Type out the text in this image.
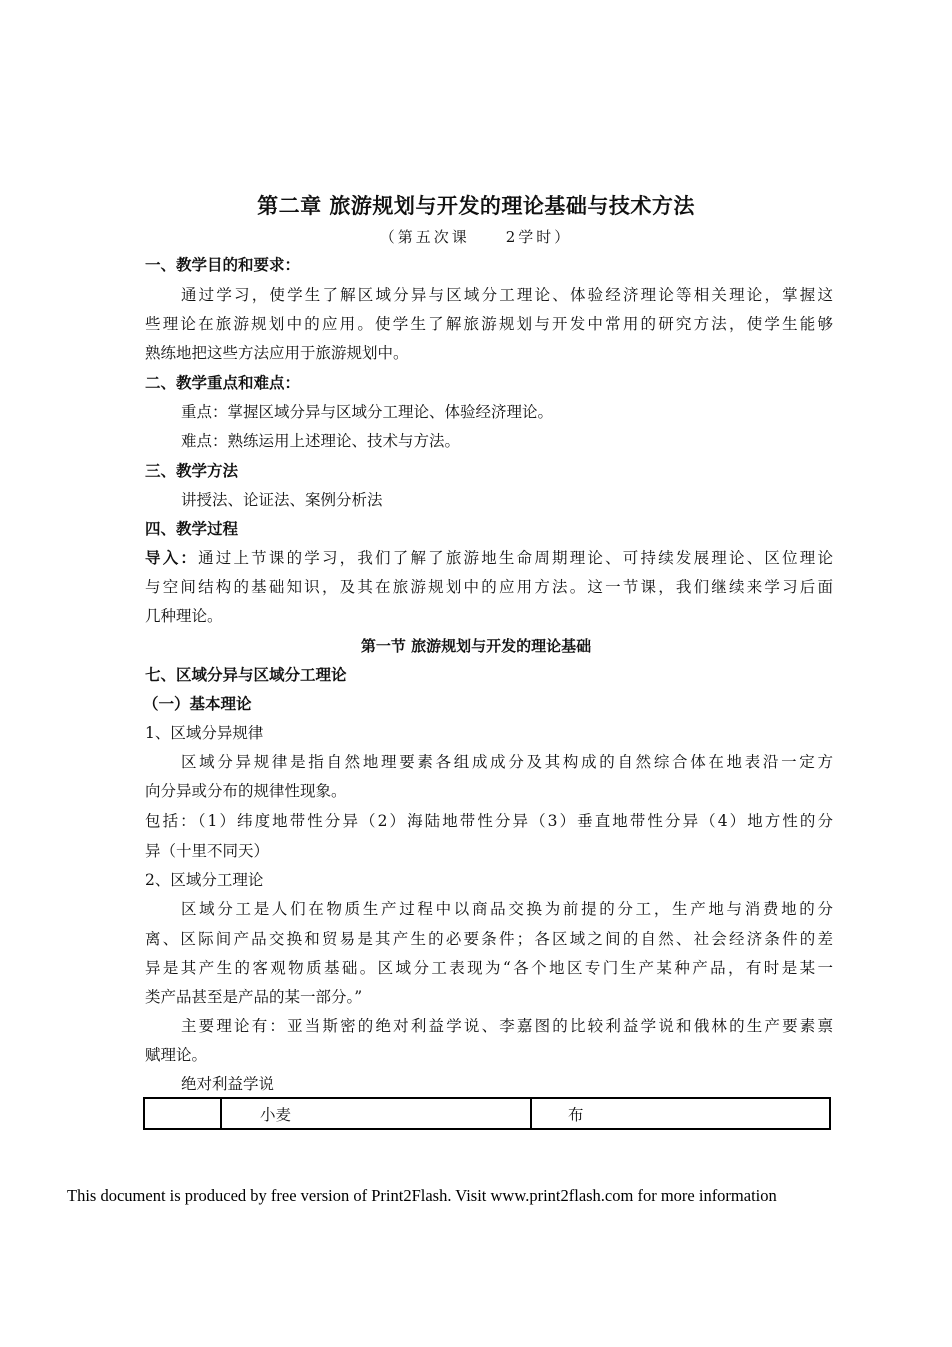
第二章 旅游规划与开发的理论基础与技术方法
（第五次课　　2学时）
一、教学目的和要求：
通过学习，使学生了解区域分异与区域分工理论、体验经济理论等相关理论，掌握这
些理论在旅游规划中的应用。使学生了解旅游规划与开发中常用的研究方法，使学生能够
熟练地把这些方法应用于旅游规划中。
二、教学重点和难点：
重点：掌握区域分异与区域分工理论、体验经济理论。
难点：熟练运用上述理论、技术与方法。
三、教学方法
讲授法、论证法、案例分析法
四、教学过程
导入：通过上节课的学习，我们了解了旅游地生命周期理论、可持续发展理论、区位理论
与空间结构的基础知识，及其在旅游规划中的应用方法。这一节课，我们继续来学习后面
几种理论。
第一节 旅游规划与开发的理论基础
七、区域分异与区域分工理论
（一）基本理论
1、区域分异规律
区域分异规律是指自然地理要素各组成成分及其构成的自然综合体在地表沿一定方
向分异或分布的规律性现象。
包括：（1）纬度地带性分异（2）海陆地带性分异（3）垂直地带性分异（4）地方性的分
异（十里不同天）
2、区域分工理论
区域分工是人们在物质生产过程中以商品交换为前提的分工，生产地与消费地的分
离、区际间产品交换和贸易是其产生的必要条件；各区域之间的自然、社会经济条件的差
异是其产生的客观物质基础。区域分工表现为“各个地区专门生产某种产品，有时是某一
类产品甚至是产品的某一部分。”
主要理论有：亚当斯密的绝对利益学说、李嘉图的比较利益学说和俄林的生产要素禀
赋理论。
绝对利益学说
	小麦	布
This document is produced by free version of Print2Flash. Visit www.print2flash.com for more information
